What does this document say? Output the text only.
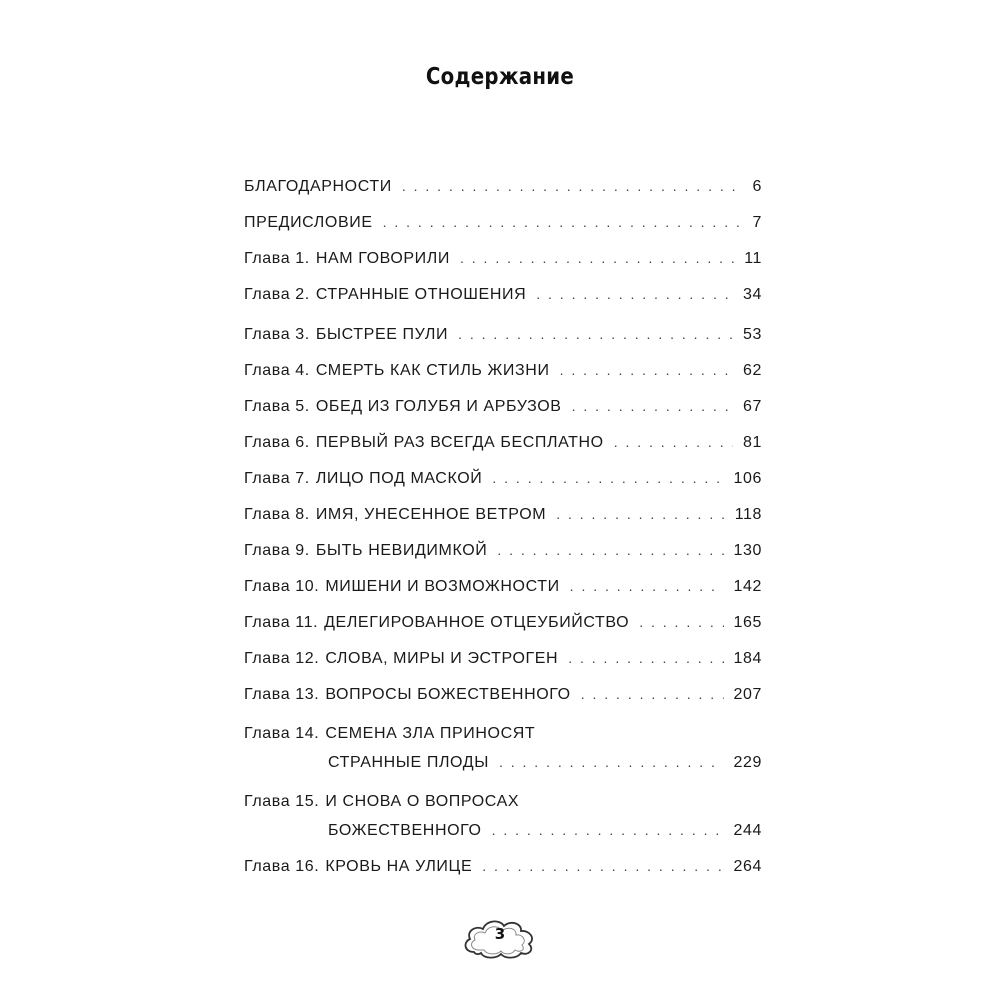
Содержание
БЛАГОДАРНОСТИ . . .	6
ПРЕДИСЛОВИЕ . . .	7
Глава 1. НАМ ГОВОРИЛИ . . .	11
Глава 2. СТРАННЫЕ ОТНОШЕНИЯ . . .	34
Глава 3. БЫСТРЕЕ ПУЛИ . . .	53
Глава 4. СМЕРТЬ КАК СТИЛЬ ЖИЗНИ . . .	62
Глава 5. ОБЕД ИЗ ГОЛУБЯ И АРБУЗОВ . . .	67
Глава 6. ПЕРВЫЙ РАЗ ВСЕГДА БЕСПЛАТНО . . .	81
Глава 7. ЛИЦО ПОД МАСКОЙ . . .	106
Глава 8. ИМЯ, УНЕСЕННОЕ ВЕТРОМ . . .	118
Глава 9. БЫТЬ НЕВИДИМКОЙ . . .	130
Глава 10. МИШЕНИ И ВОЗМОЖНОСТИ . . .	142
Глава 11. ДЕЛЕГИРОВАННОЕ ОТЦЕУБИЙСТВО . . .	165
Глава 12. СЛОВА, МИРЫ И ЭСТРОГЕН . . .	184
Глава 13. ВОПРОСЫ БОЖЕСТВЕННОГО . . .	207
Глава 14. СЕМЕНА ЗЛА ПРИНОСЯТ
СТРАННЫЕ ПЛОДЫ . . .	229
Глава 15. И СНОВА О ВОПРОСАХ
БОЖЕСТВЕННОГО . . .	244
Глава 16. КРОВЬ НА УЛИЦЕ . . .	264
3
